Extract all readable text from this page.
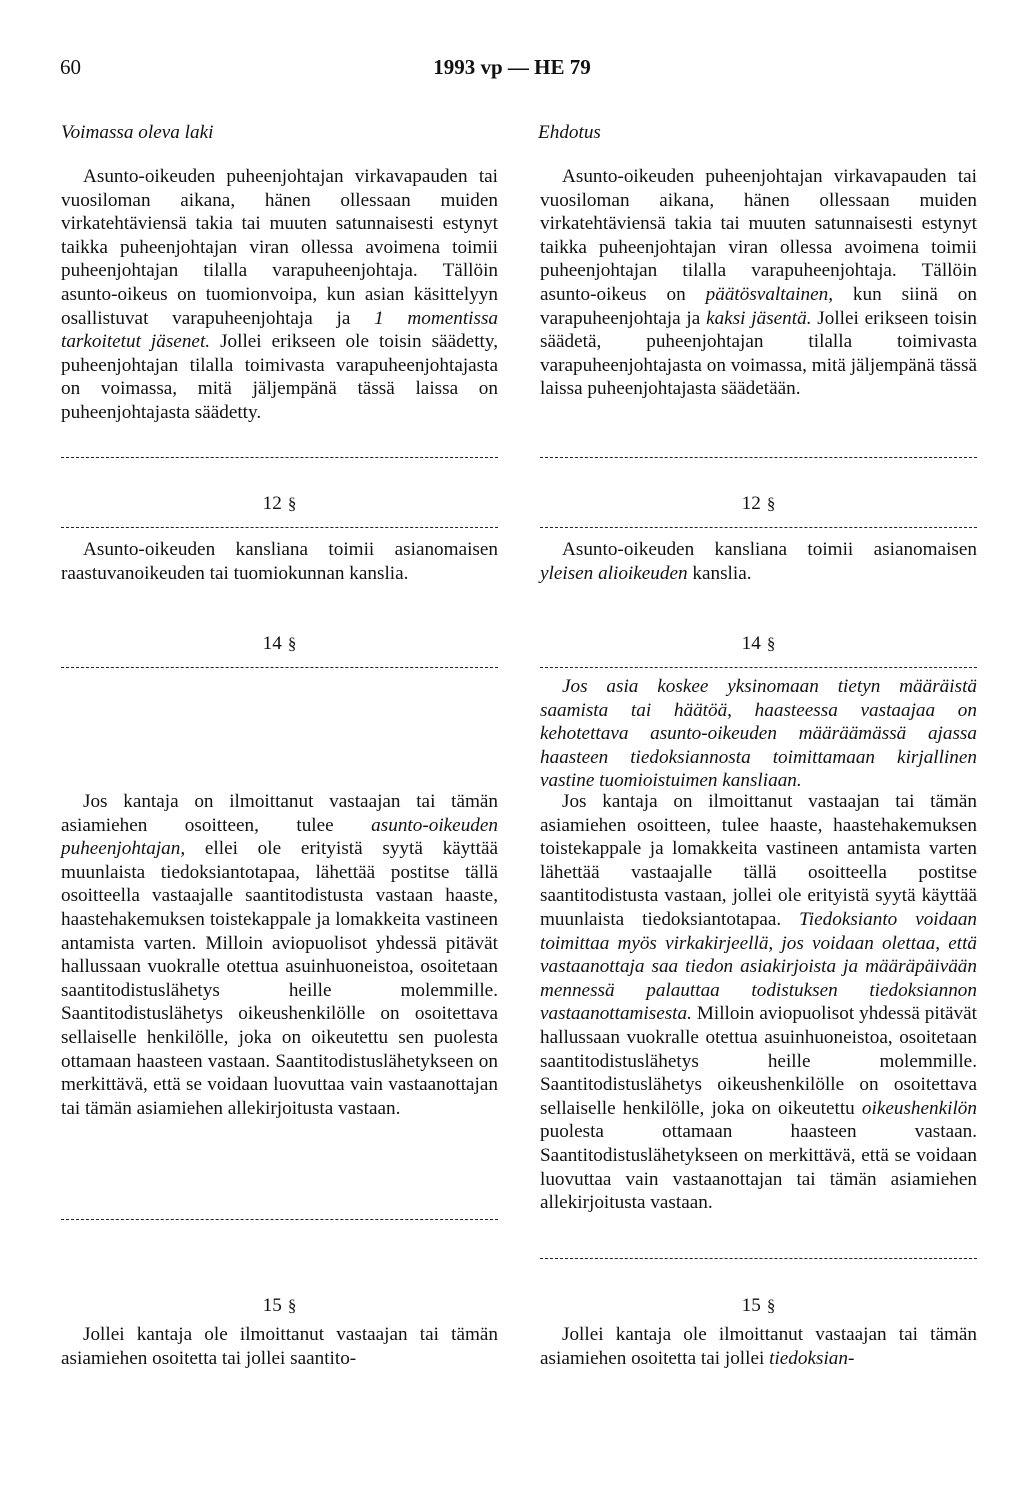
60	1993 vp — HE 79
Voimassa oleva laki
Asunto-oikeuden puheenjohtajan virkavapauden tai vuosiloman aikana, hänen ollessaan muiden virkatehtäviensä takia tai muuten satunnaisesti estynyt taikka puheenjohtajan viran ollessa avoimena toimii puheenjohtajan tilalla varapuheenjohtaja. Tällöin asunto-oikeus on tuomionvoipa, kun asian käsittelyyn osallistuvat varapuheenjohtaja ja 1 momentissa tarkoitetut jäsenet. Jollei erikseen ole toisin säädetty, puheenjohtajan tilalla toimivasta varapuheenjohtajasta on voimassa, mitä jäljempänä tässä laissa on puheenjohtajasta säädetty.
12 §
Asunto-oikeuden kansliana toimii asianomaisen raastuvanoikeuden tai tuomiokunnan kanslia.
14 §
Jos kantaja on ilmoittanut vastaajan tai tämän asiamiehen osoitteen, tulee asunto-oikeuden puheenjohtajan, ellei ole erityistä syytä käyttää muunlaista tiedoksiantotapaa, lähettää postitse tällä osoitteella vastaajalle saantitodistusta vastaan haaste, haastehakemuksen toistekappale ja lomakkeita vastineen antamista varten. Milloin aviopuolisot yhdessä pitävät hallussaan vuokralle otettua asuinhuoneistoa, osoitetaan saantitodistuslähetys heille molemmille. Saantitodistuslähetys oikeushenkilölle on osoitettava sellaiselle henkilölle, joka on oikeutettu sen puolesta ottamaan haasteen vastaan. Saantitodistuslähetykseen on merkittävä, että se voidaan luovuttaa vain vastaanottajan tai tämän asiamiehen allekirjoitusta vastaan.
15 §
Jollei kantaja ole ilmoittanut vastaajan tai tämän asiamiehen osoitetta tai jollei saantito-
Ehdotus
Asunto-oikeuden puheenjohtajan virkavapauden tai vuosiloman aikana, hänen ollessaan muiden virkatehtäviensä takia tai muuten satunnaisesti estynyt taikka puheenjohtajan viran ollessa avoimena toimii puheenjohtajan tilalla varapuheenjohtaja. Tällöin asunto-oikeus on päätösvaltainen, kun siinä on varapuheenjohtaja ja kaksi jäsentä. Jollei erikseen toisin säädetä, puheenjohtajan tilalla toimivasta varapuheenjohtajasta on voimassa, mitä jäljempänä tässä laissa puheenjohtajasta säädetään.
12 §
Asunto-oikeuden kansliana toimii asianomaisen yleisen alioikeuden kanslia.
14 §
Jos asia koskee yksinomaan tietyn määräistä saamista tai häätöä, haasteessa vastaajaa on kehotettava asunto-oikeuden määräämässä ajassa haasteen tiedoksiannosta toimittamaan kirjallinen vastine tuomioistuimen kansliaan.
Jos kantaja on ilmoittanut vastaajan tai tämän asiamiehen osoitteen, tulee haaste, haastehakemuksen toistekappale ja lomakkeita vastineen antamista varten lähettää vastaajalle tällä osoitteella postitse saantitodistusta vastaan, jollei ole erityistä syytä käyttää muunlaista tiedoksiantotapaa. Tiedoksianto voidaan toimittaa myös virkakirjeellä, jos voidaan olettaa, että vastaanottaja saa tiedon asiakirjoista ja määräpäivään mennessä palauttaa todistuksen tiedoksiannon vastaanottamisesta. Milloin aviopuolisot yhdessä pitävät hallussaan vuokralle otettua asuinhuoneistoa, osoitetaan saantitodistuslähetys heille molemmille. Saantitodistuslähetys oikeushenkilölle on osoitettava sellaiselle henkilölle, joka on oikeutettu oikeushenkilön puolesta ottamaan haasteen vastaan. Saantitodistuslähetykseen on merkittävä, että se voidaan luovuttaa vain vastaanottajan tai tämän asiamiehen allekirjoitusta vastaan.
15 §
Jollei kantaja ole ilmoittanut vastaajan tai tämän asiamiehen osoitetta tai jollei tiedoksian-
